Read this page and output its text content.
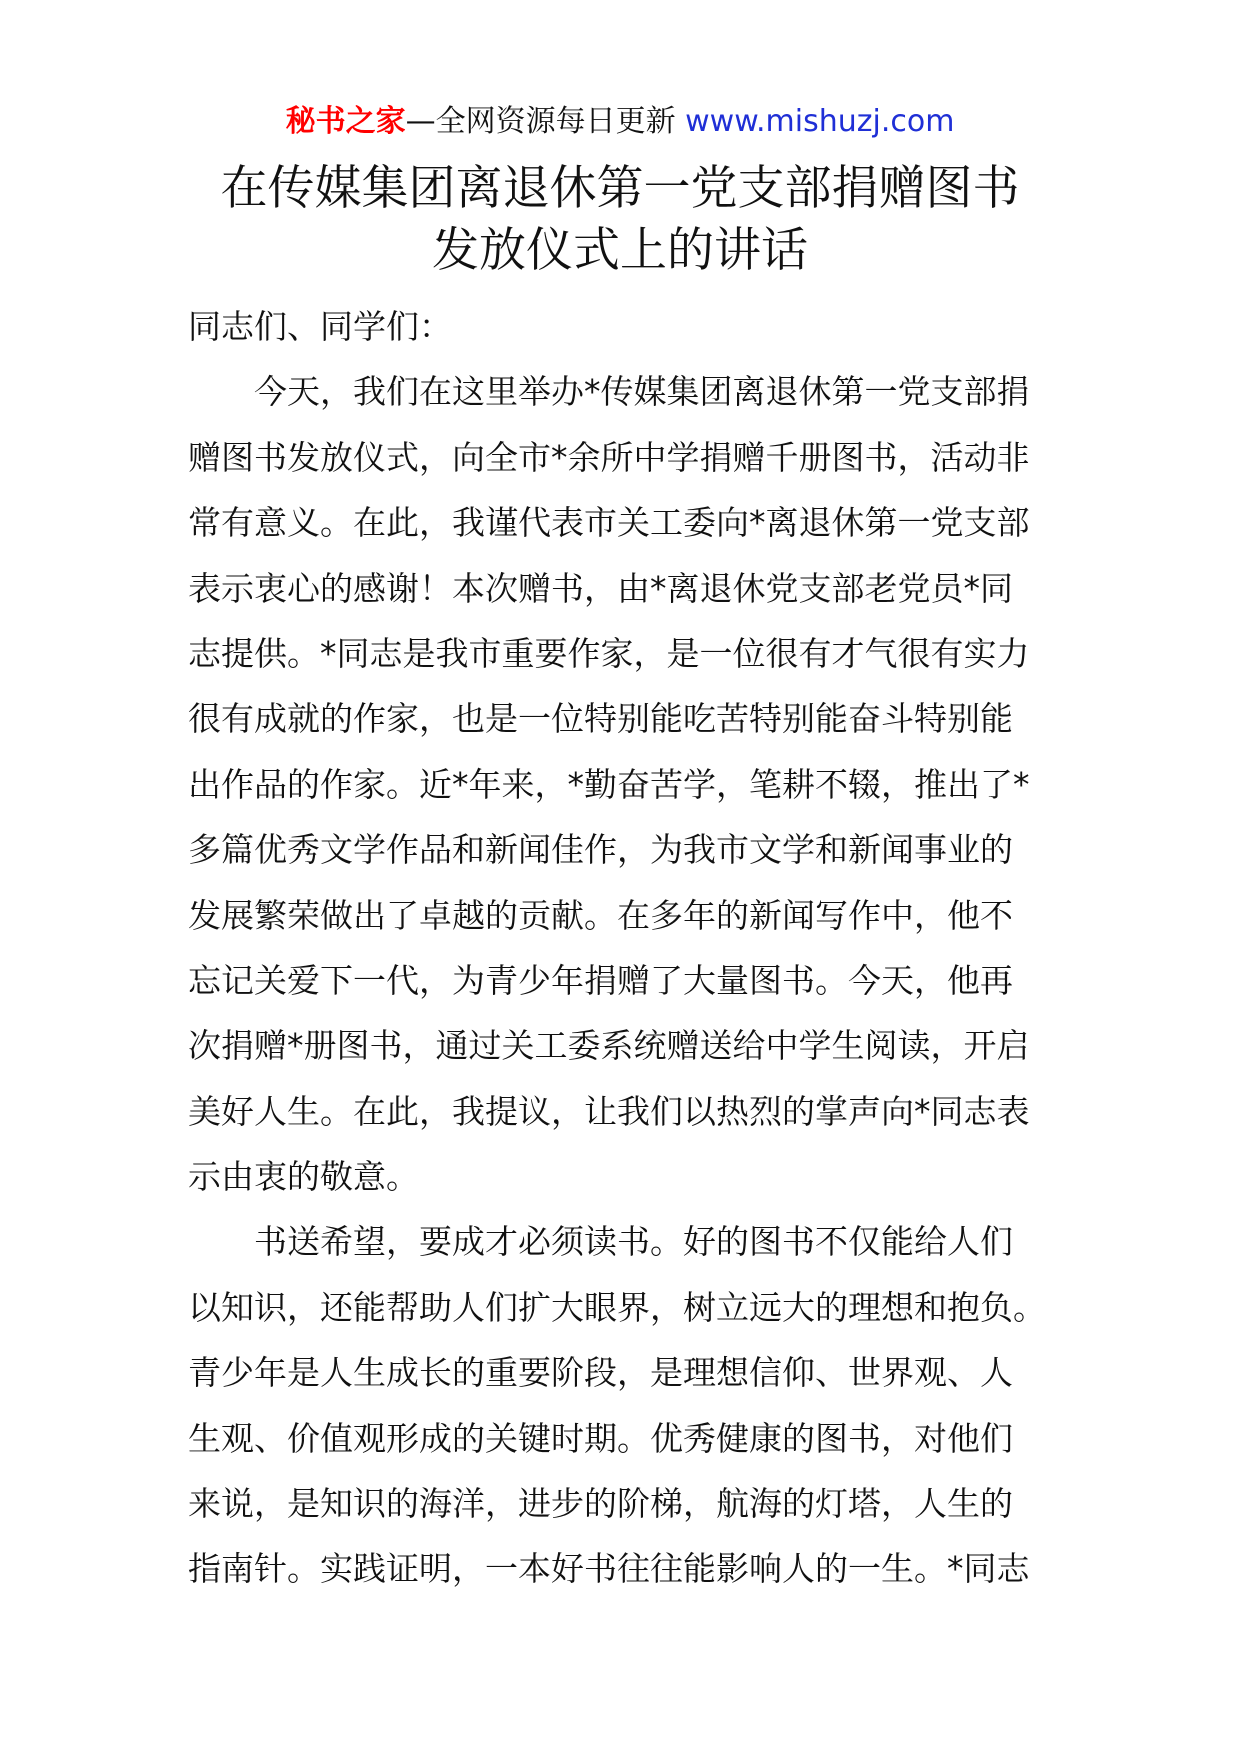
秘书之家—全网资源每日更新 www.mishuzj.com
在传媒集团离退休第一党支部捐赠图书
发放仪式上的讲话

同志们、同学们：

今天，我们在这里举办*传媒集团离退休第一党支部捐
赠图书发放仪式，向全市*余所中学捐赠千册图书，活动非
常有意义。在此，我谨代表市关工委向*离退休第一党支部
表示衷心的感谢！本次赠书，由*离退休党支部老党员*同
志提供。*同志是我市重要作家，是一位很有才气很有实力
很有成就的作家，也是一位特别能吃苦特别能奋斗特别能
出作品的作家。近*年来，*勤奋苦学，笔耕不辍，推出了*
多篇优秀文学作品和新闻佳作，为我市文学和新闻事业的
发展繁荣做出了卓越的贡献。在多年的新闻写作中，他不
忘记关爱下一代，为青少年捐赠了大量图书。今天，他再
次捐赠*册图书，通过关工委系统赠送给中学生阅读，开启
美好人生。在此，我提议，让我们以热烈的掌声向*同志表
示由衷的敬意。
书送希望，要成才必须读书。好的图书不仅能给人们
以知识，还能帮助人们扩大眼界，树立远大的理想和抱负。
青少年是人生成长的重要阶段，是理想信仰、世界观、人
生观、价值观形成的关键时期。优秀健康的图书，对他们
来说，是知识的海洋，进步的阶梯，航海的灯塔，人生的
指南针。实践证明，一本好书往往能影响人的一生。*同志
